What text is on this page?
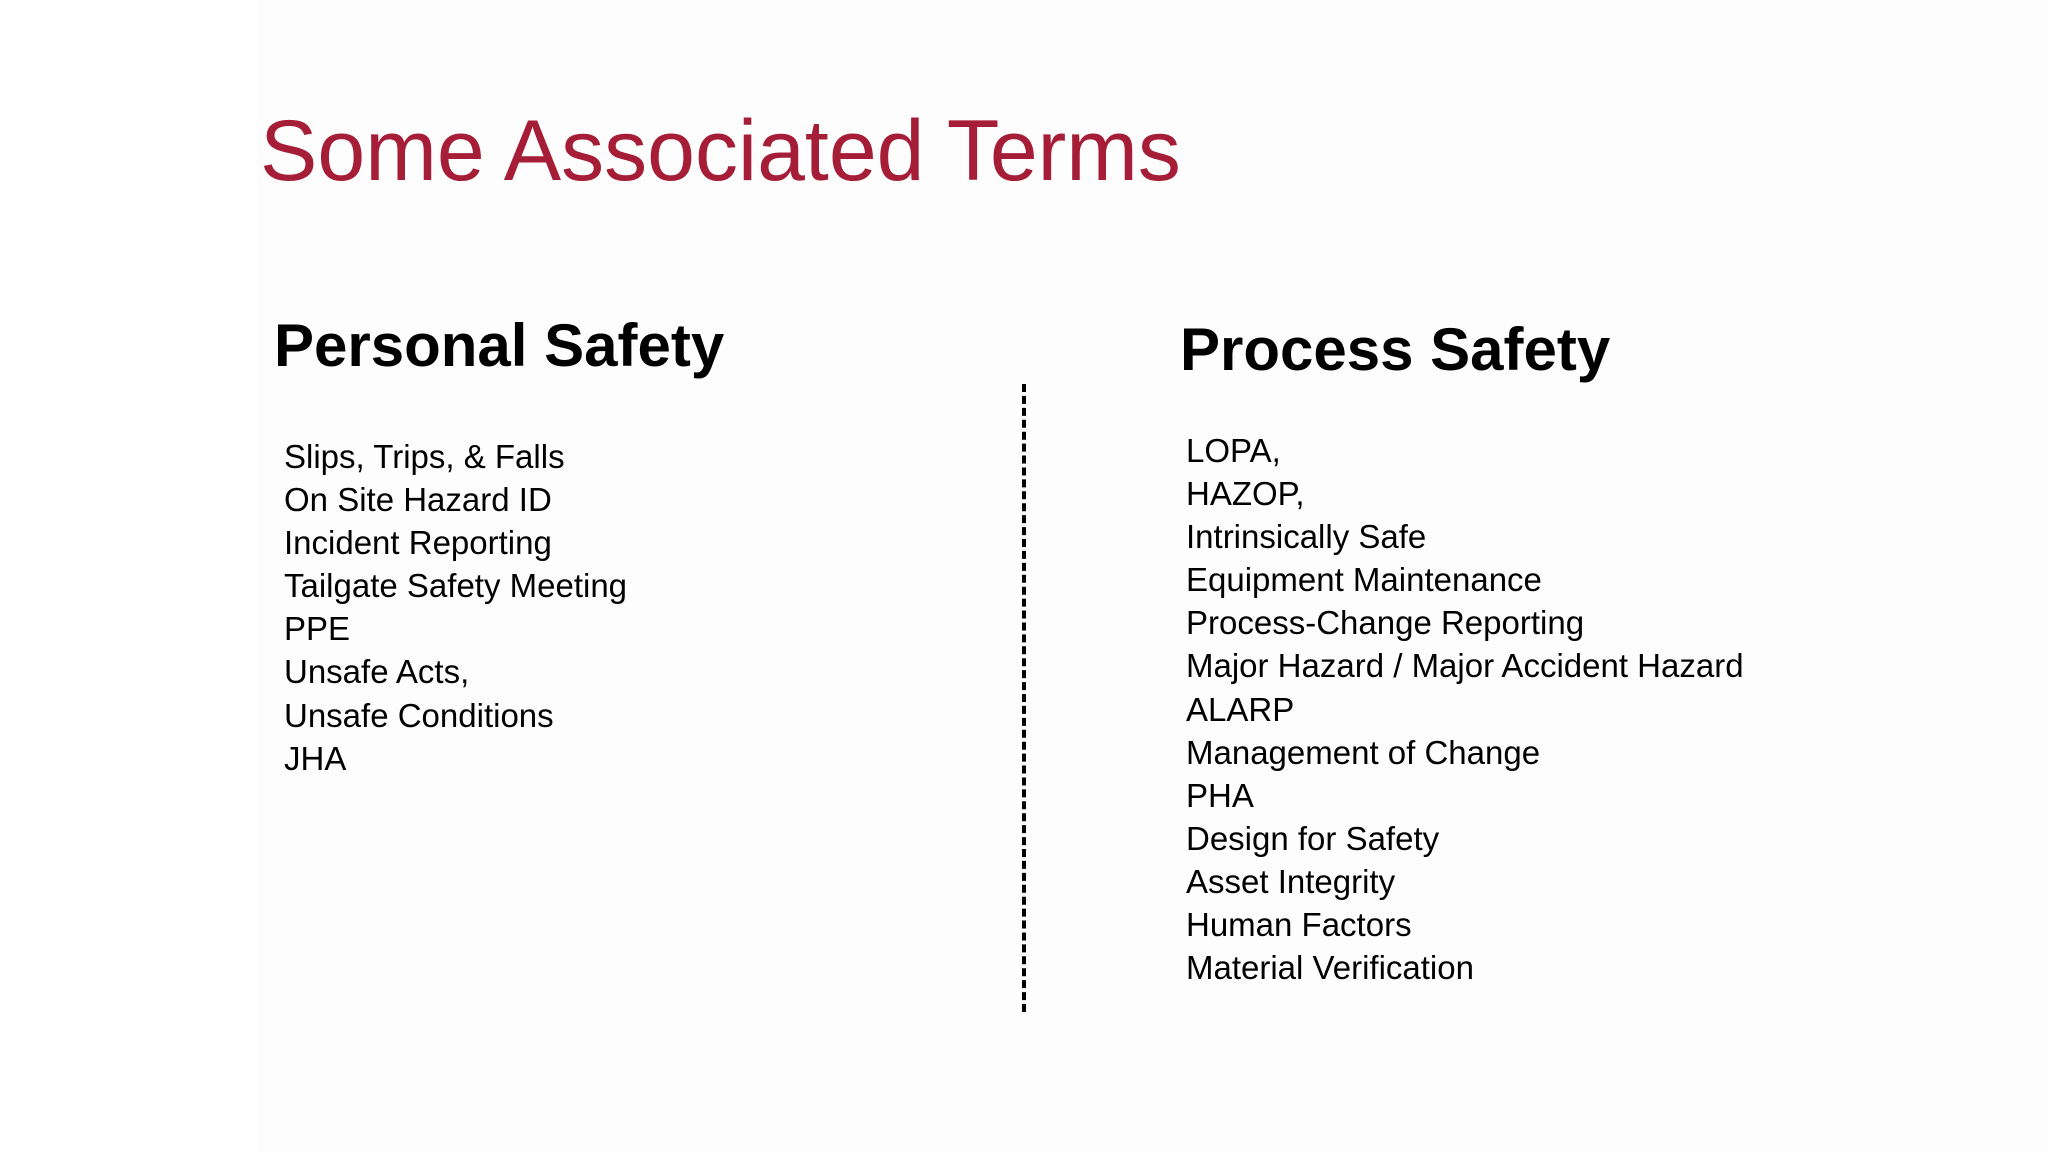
Some Associated Terms
Personal Safety
Slips, Trips, & Falls
On Site Hazard ID
Incident Reporting
Tailgate Safety Meeting
PPE
Unsafe Acts,
Unsafe Conditions
JHA
Process Safety
LOPA,
HAZOP,
Intrinsically Safe
Equipment Maintenance
Process-Change Reporting
Major Hazard / Major Accident Hazard
ALARP
Management of Change
PHA
Design for Safety
Asset Integrity
Human Factors
Material Verification
